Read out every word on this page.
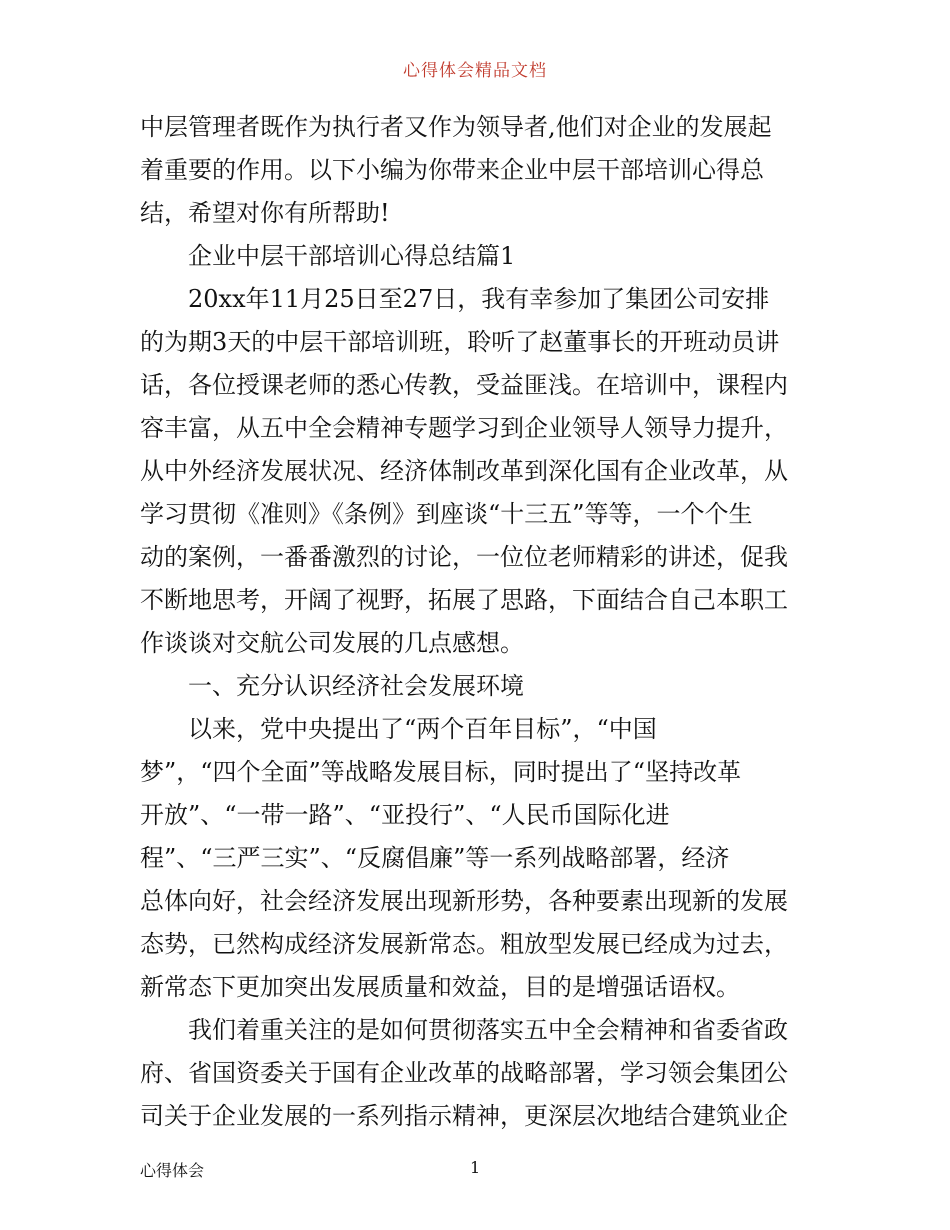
心得体会精品文档
中层管理者既作为执行者又作为领导者,他们对企业的发展起
着重要的作用。以下小编为你带来企业中层干部培训心得总
结，希望对你有所帮助!
企业中层干部培训心得总结篇1
20xx年11月25日至27日，我有幸参加了集团公司安排
的为期3天的中层干部培训班，聆听了赵董事长的开班动员讲
话，各位授课老师的悉心传教，受益匪浅。在培训中，课程内
容丰富，从五中全会精神专题学习到企业领导人领导力提升，
从中外经济发展状况、经济体制改革到深化国有企业改革，从
学习贯彻《准则》《条例》到座谈“十三五”等等，一个个生
动的案例，一番番激烈的讨论，一位位老师精彩的讲述，促我
不断地思考，开阔了视野，拓展了思路，下面结合自己本职工
作谈谈对交航公司发展的几点感想。
一、充分认识经济社会发展环境
以来，党中央提出了“两个百年目标”，“中国
梦”，“四个全面”等战略发展目标，同时提出了“坚持改革
开放”、“一带一路”、“亚投行”、“人民币国际化进
程”、“三严三实”、“反腐倡廉”等一系列战略部署，经济
总体向好，社会经济发展出现新形势，各种要素出现新的发展
态势，已然构成经济发展新常态。粗放型发展已经成为过去，
新常态下更加突出发展质量和效益，目的是增强话语权。
我们着重关注的是如何贯彻落实五中全会精神和省委省政
府、省国资委关于国有企业改革的战略部署，学习领会集团公
司关于企业发展的一系列指示精神，更深层次地结合建筑业企
心得体会	1
